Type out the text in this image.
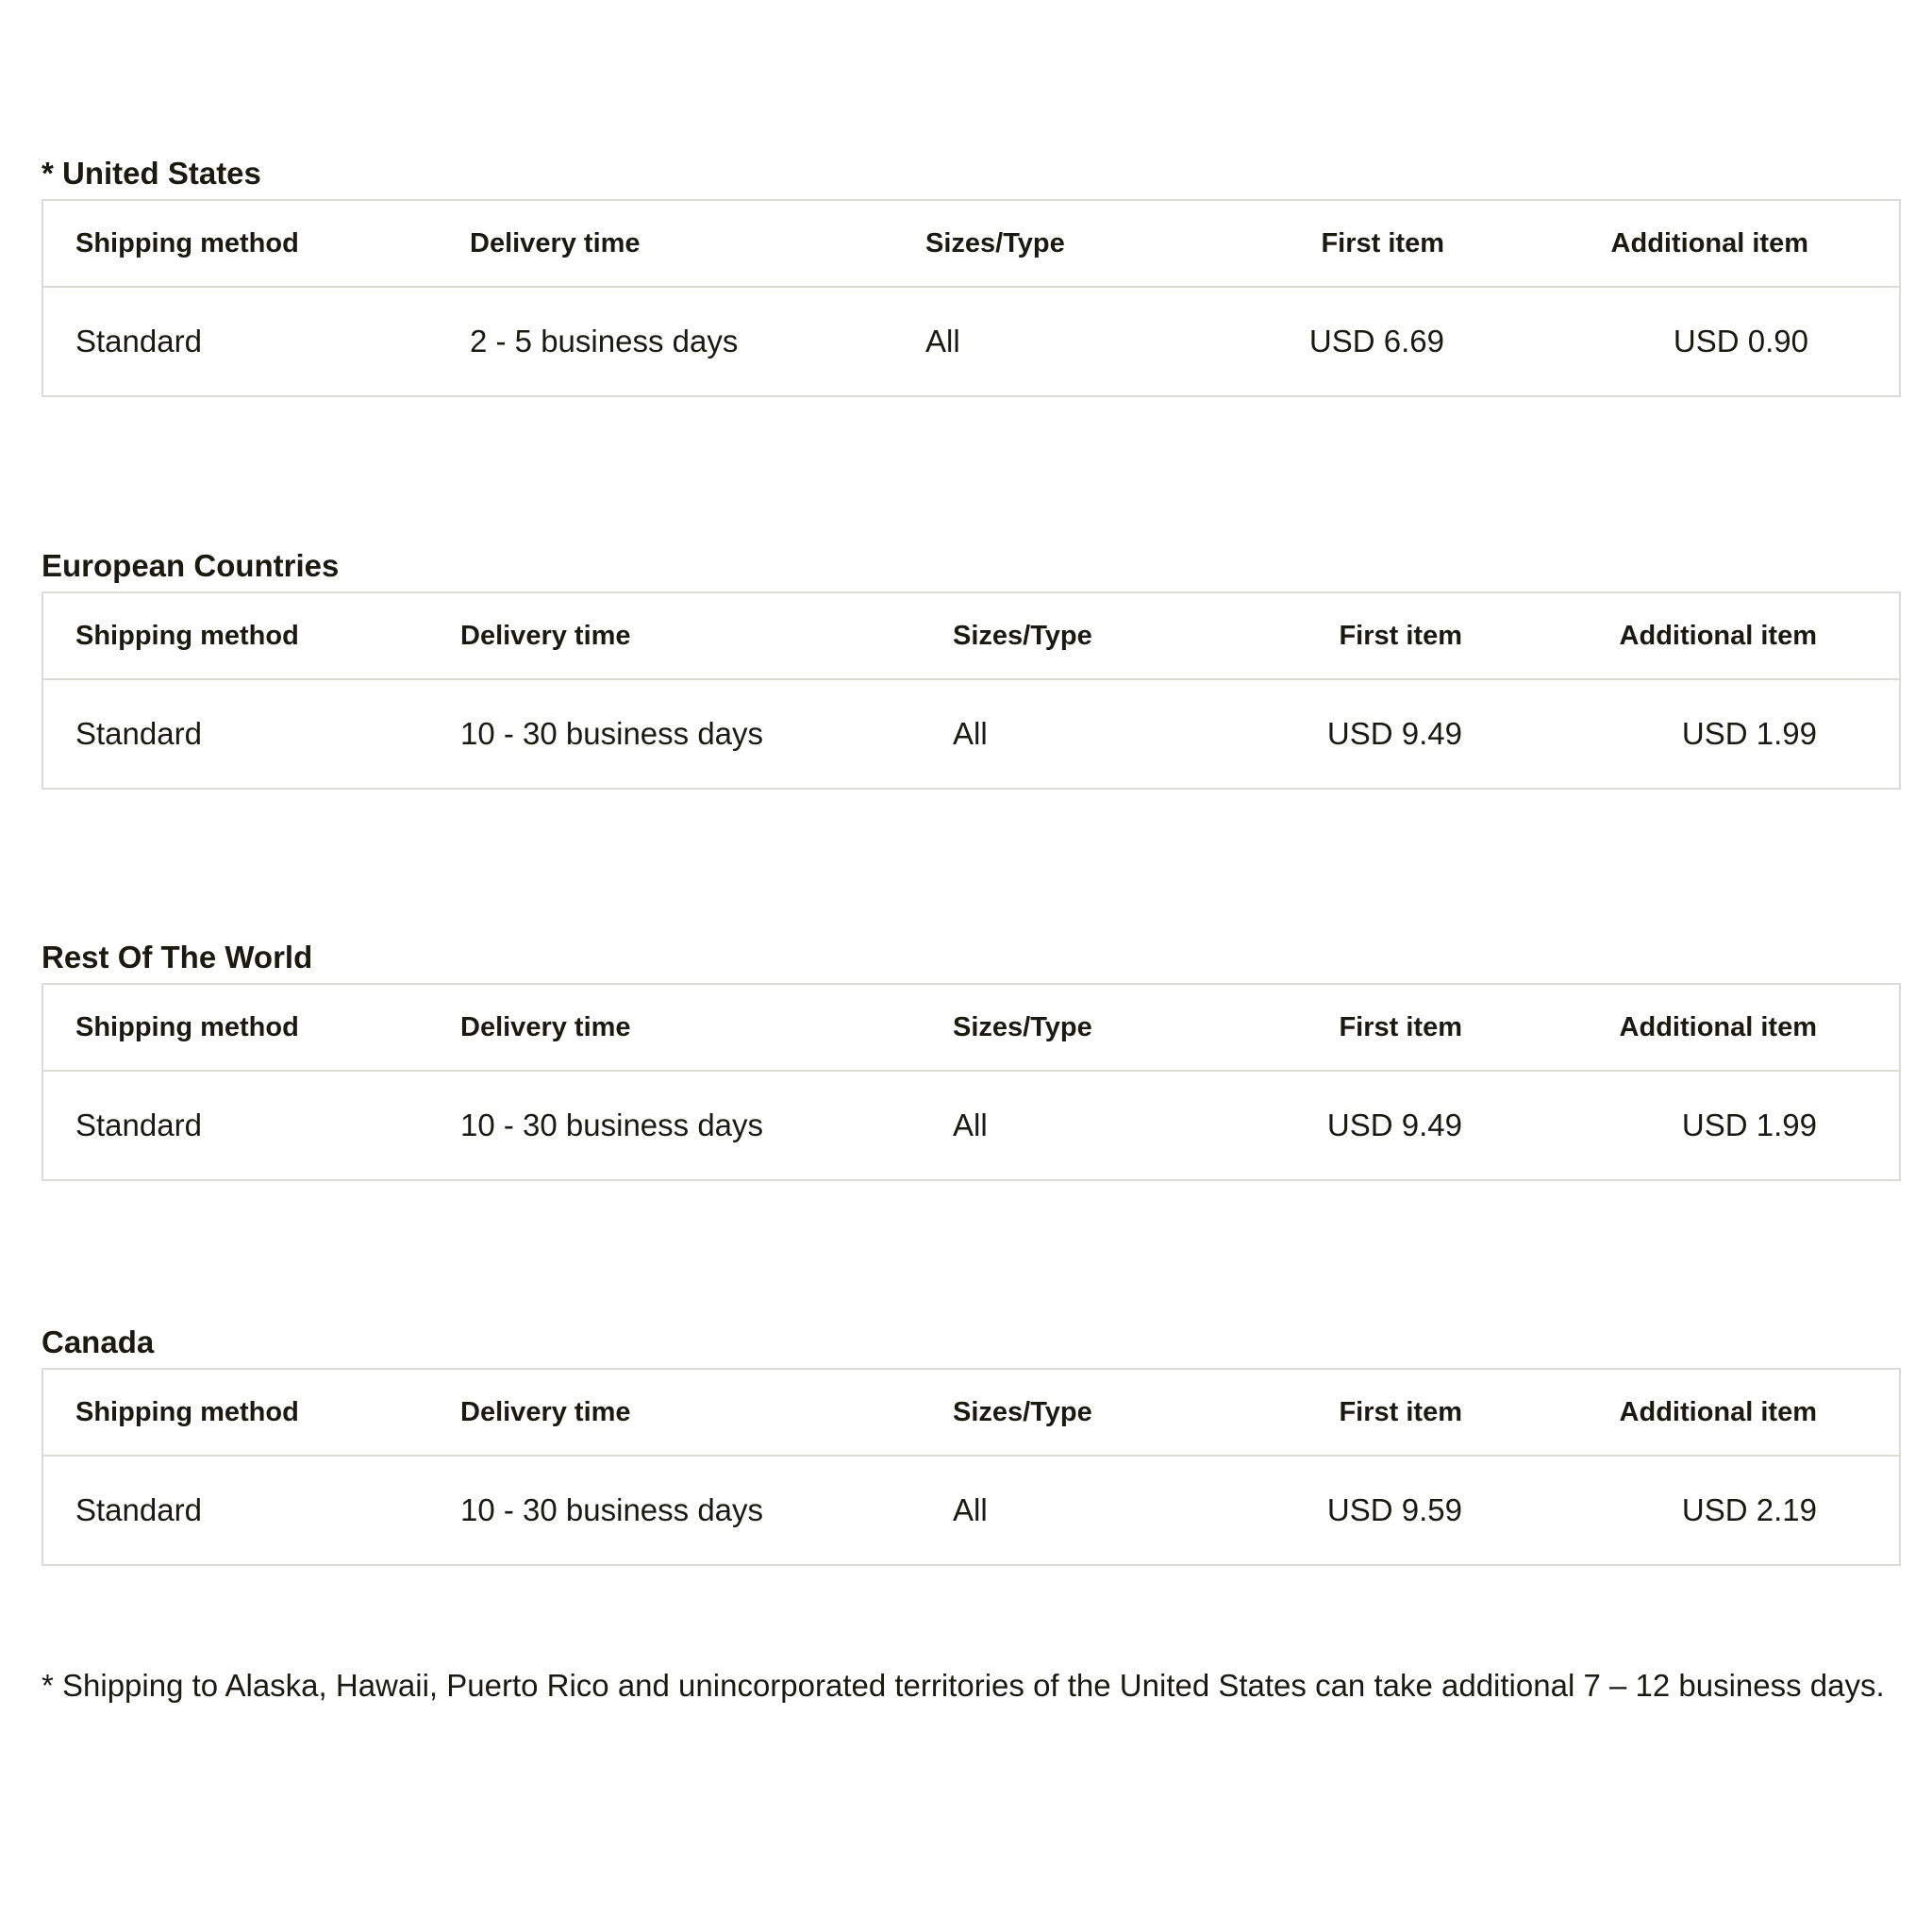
* United States
	Shipping method	Delivery time	Sizes/Type	First item	Additional item	
	Standard	2 - 5 business days	All	USD 6.69	USD 0.90	
European Countries
	Shipping method	Delivery time	Sizes/Type	First item	Additional item	
	Standard	10 - 30 business days	All	USD 9.49	USD 1.99	
Rest Of The World
	Shipping method	Delivery time	Sizes/Type	First item	Additional item	
	Standard	10 - 30 business days	All	USD 9.49	USD 1.99	
Canada
	Shipping method	Delivery time	Sizes/Type	First item	Additional item	
	Standard	10 - 30 business days	All	USD 9.59	USD 2.19	

* Shipping to Alaska, Hawaii, Puerto Rico and unincorporated territories of the United States can take additional 7 – 12 business days.
